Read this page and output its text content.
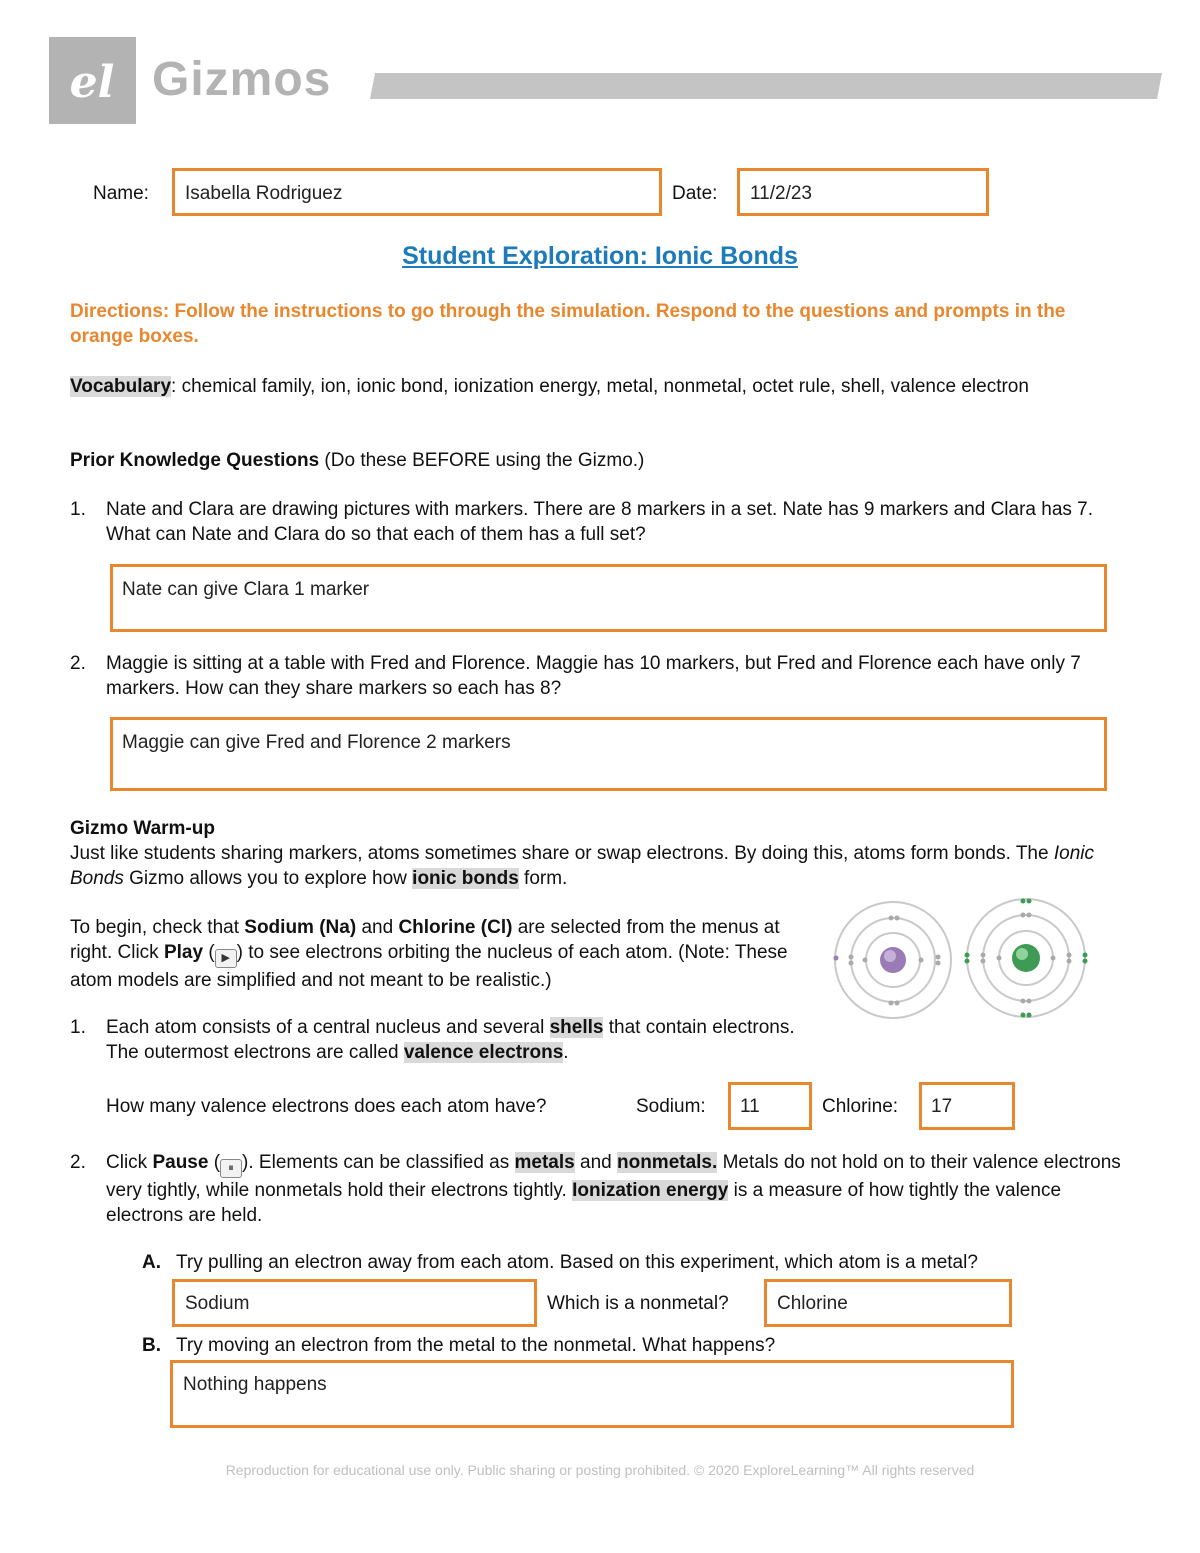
el Gizmos
Name: Isabella Rodriguez	Date: 11/2/23
Student Exploration: Ionic Bonds
Directions: Follow the instructions to go through the simulation. Respond to the questions and prompts in the orange boxes.
Vocabulary: chemical family, ion, ionic bond, ionization energy, metal, nonmetal, octet rule, shell, valence electron
Prior Knowledge Questions (Do these BEFORE using the Gizmo.)
1.	Nate and Clara are drawing pictures with markers. There are 8 markers in a set. Nate has 9 markers and Clara has 7. What can Nate and Clara do so that each of them has a full set?
Nate can give Clara 1 marker
2.	Maggie is sitting at a table with Fred and Florence. Maggie has 10 markers, but Fred and Florence each have only 7 markers. How can they share markers so each has 8?
Maggie can give Fred and Florence 2 markers
Gizmo Warm-up
Just like students sharing markers, atoms sometimes share or swap electrons. By doing this, atoms form bonds. The Ionic Bonds Gizmo allows you to explore how ionic bonds form.
To begin, check that Sodium (Na) and Chlorine (Cl) are selected from the menus at right. Click Play ( ▶ ) to see electrons orbiting the nucleus of each atom. (Note: These atom models are simplified and not meant to be realistic.)
1.	Each atom consists of a central nucleus and several shells that contain electrons. The outermost electrons are called valence electrons.
How many valence electrons does each atom have?	Sodium: 11	Chlorine: 17
2.	Click Pause ( ⏸ ). Elements can be classified as metals and nonmetals. Metals do not hold on to their valence electrons very tightly, while nonmetals hold their electrons tightly. Ionization energy is a measure of how tightly the valence electrons are held.
A. Try pulling an electron away from each atom. Based on this experiment, which atom is a metal?
Sodium	Which is a nonmetal?	Chlorine
B. Try moving an electron from the metal to the nonmetal. What happens?
Nothing happens
Reproduction for educational use only. Public sharing or posting prohibited. © 2020 ExploreLearning™ All rights reserved
